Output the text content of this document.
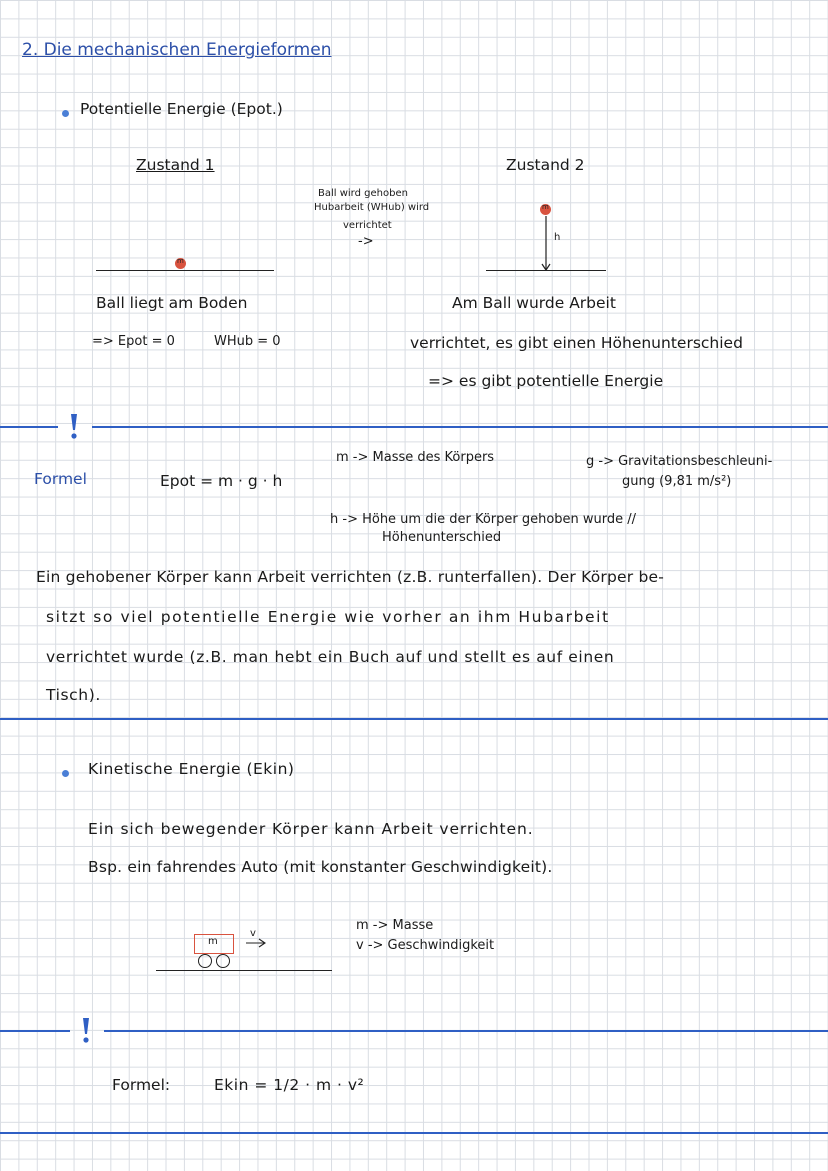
2. Die mechanischen Energieformen
Potentielle Energie (Epot.)
Zustand 1	Zustand 2
Ball wird gehoben
Hubarbeit (WHub) wird
verrichtet
->
m
m
h
Ball liegt am Boden
=> Epot = 0	WHub = 0
Am Ball wurde Arbeit
verrichtet, es gibt einen Höhenunterschied
=> es gibt potentielle Energie
Formel	Epot = m · g · h
m -> Masse des Körpers	g -> Gravitationsbeschleuni-
gung (9,81 m/s²)
h -> Höhe um die der Körper gehoben wurde //
Höhenunterschied
Ein gehobener Körper kann Arbeit verrichten (z.B. runterfallen). Der Körper be-
sitzt so viel potentielle Energie wie vorher an ihm Hubarbeit
verrichtet wurde (z.B. man hebt ein Buch auf und stellt es auf einen
Tisch).
Kinetische Energie (Ekin)
Ein sich bewegender Körper kann Arbeit verrichten.
Bsp. ein fahrendes Auto (mit konstanter Geschwindigkeit).
m
v
m -> Masse
v -> Geschwindigkeit
Formel:	Ekin = 1/2 · m · v²
